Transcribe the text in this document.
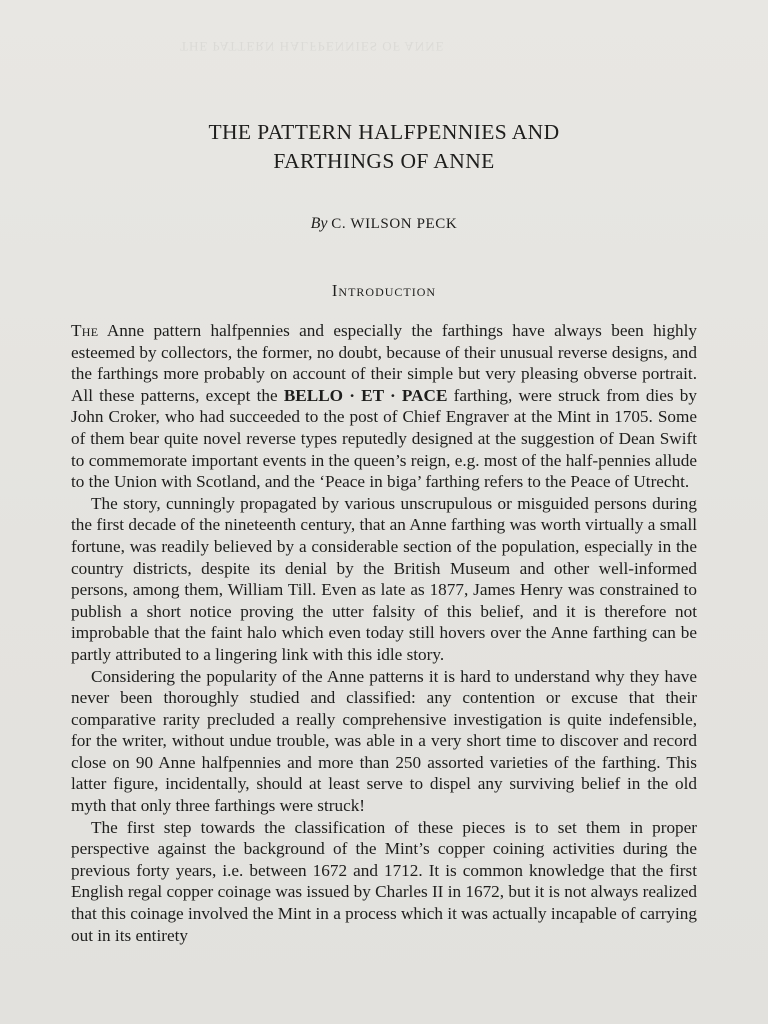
THE PATTERN HALFPENNIES OF ANNE
THE PATTERN HALFPENNIES AND
FARTHINGS OF ANNE
By C. WILSON PECK
Introduction

The Anne pattern halfpennies and especially the farthings have always been highly esteemed by collectors, the former, no doubt, because of their unusual reverse designs, and the farthings more probably on account of their simple but very pleasing obverse portrait. All these patterns, except the BELLO · ET · PACE farthing, were struck from dies by John Croker, who had succeeded to the post of Chief Engraver at the Mint in 1705. Some of them bear quite novel reverse types reputedly designed at the suggestion of Dean Swift to commemorate important events in the queen’s reign, e.g. most of the half-pennies allude to the Union with Scotland, and the ‘Peace in biga’ farthing refers to the Peace of Utrecht.

The story, cunningly propagated by various unscrupulous or misguided persons during the first decade of the nineteenth century, that an Anne farthing was worth virtually a small fortune, was readily believed by a considerable section of the population, especially in the country districts, despite its denial by the British Museum and other well-informed persons, among them, William Till. Even as late as 1877, James Henry was constrained to publish a short notice proving the utter falsity of this belief, and it is therefore not improbable that the faint halo which even today still hovers over the Anne farthing can be partly attributed to a lingering link with this idle story.

Considering the popularity of the Anne patterns it is hard to understand why they have never been thoroughly studied and classified: any contention or excuse that their comparative rarity precluded a really comprehensive investigation is quite indefensible, for the writer, without undue trouble, was able in a very short time to discover and record close on 90 Anne halfpennies and more than 250 assorted varieties of the farthing. This latter figure, incidentally, should at least serve to dispel any surviving belief in the old myth that only three farthings were struck!

The first step towards the classification of these pieces is to set them in proper perspective against the background of the Mint’s copper coining activities during the previous forty years, i.e. between 1672 and 1712. It is common knowledge that the first English regal copper coinage was issued by Charles II in 1672, but it is not always realized that this coinage involved the Mint in a process which it was actually incapable of carrying out in its entirety
